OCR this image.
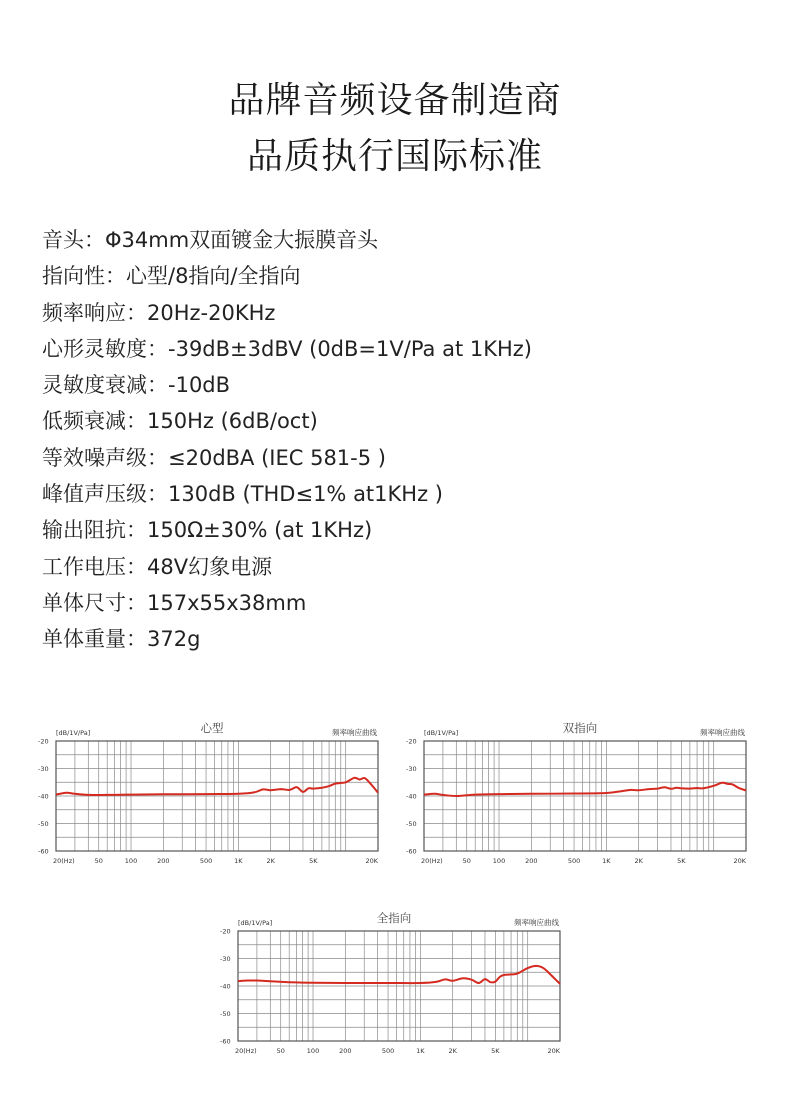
品牌音频设备制造商
品质执行国际标准
音头：Φ34mm双面镀金大振膜音头
指向性：心型/8指向/全指向
频率响应：20Hz-20KHz
心形灵敏度：-39dB±3dBV (0dB=1V/Pa at 1KHz)
灵敏度衰减：-10dB
低频衰减：150Hz (6dB/oct)
等效噪声级：≤20dBA (IEC 581-5 )
峰值声压级：130dB (THD≤1% at1KHz )
输出阻抗：150Ω±30% (at 1KHz)
工作电压：48V幻象电源
单体尺寸：157x55x38mm
单体重量：372g
[dB/1V/Pa]	心型	频率响应曲线
-20
-30
-40
-50
-60
20(Hz)	50	100	200	500	1K	2K	5K	20K
[dB/1V/Pa]	双指向	频率响应曲线
-20
-30
-40
-50
-60
20(Hz)	50	100	200	500	1K	2K	5K	20K
[dB/1V/Pa]	全指向	频率响应曲线
-20
-30
-40
-50
-60
20(Hz)	50	100	200	500	1K	2K	5K	20K
